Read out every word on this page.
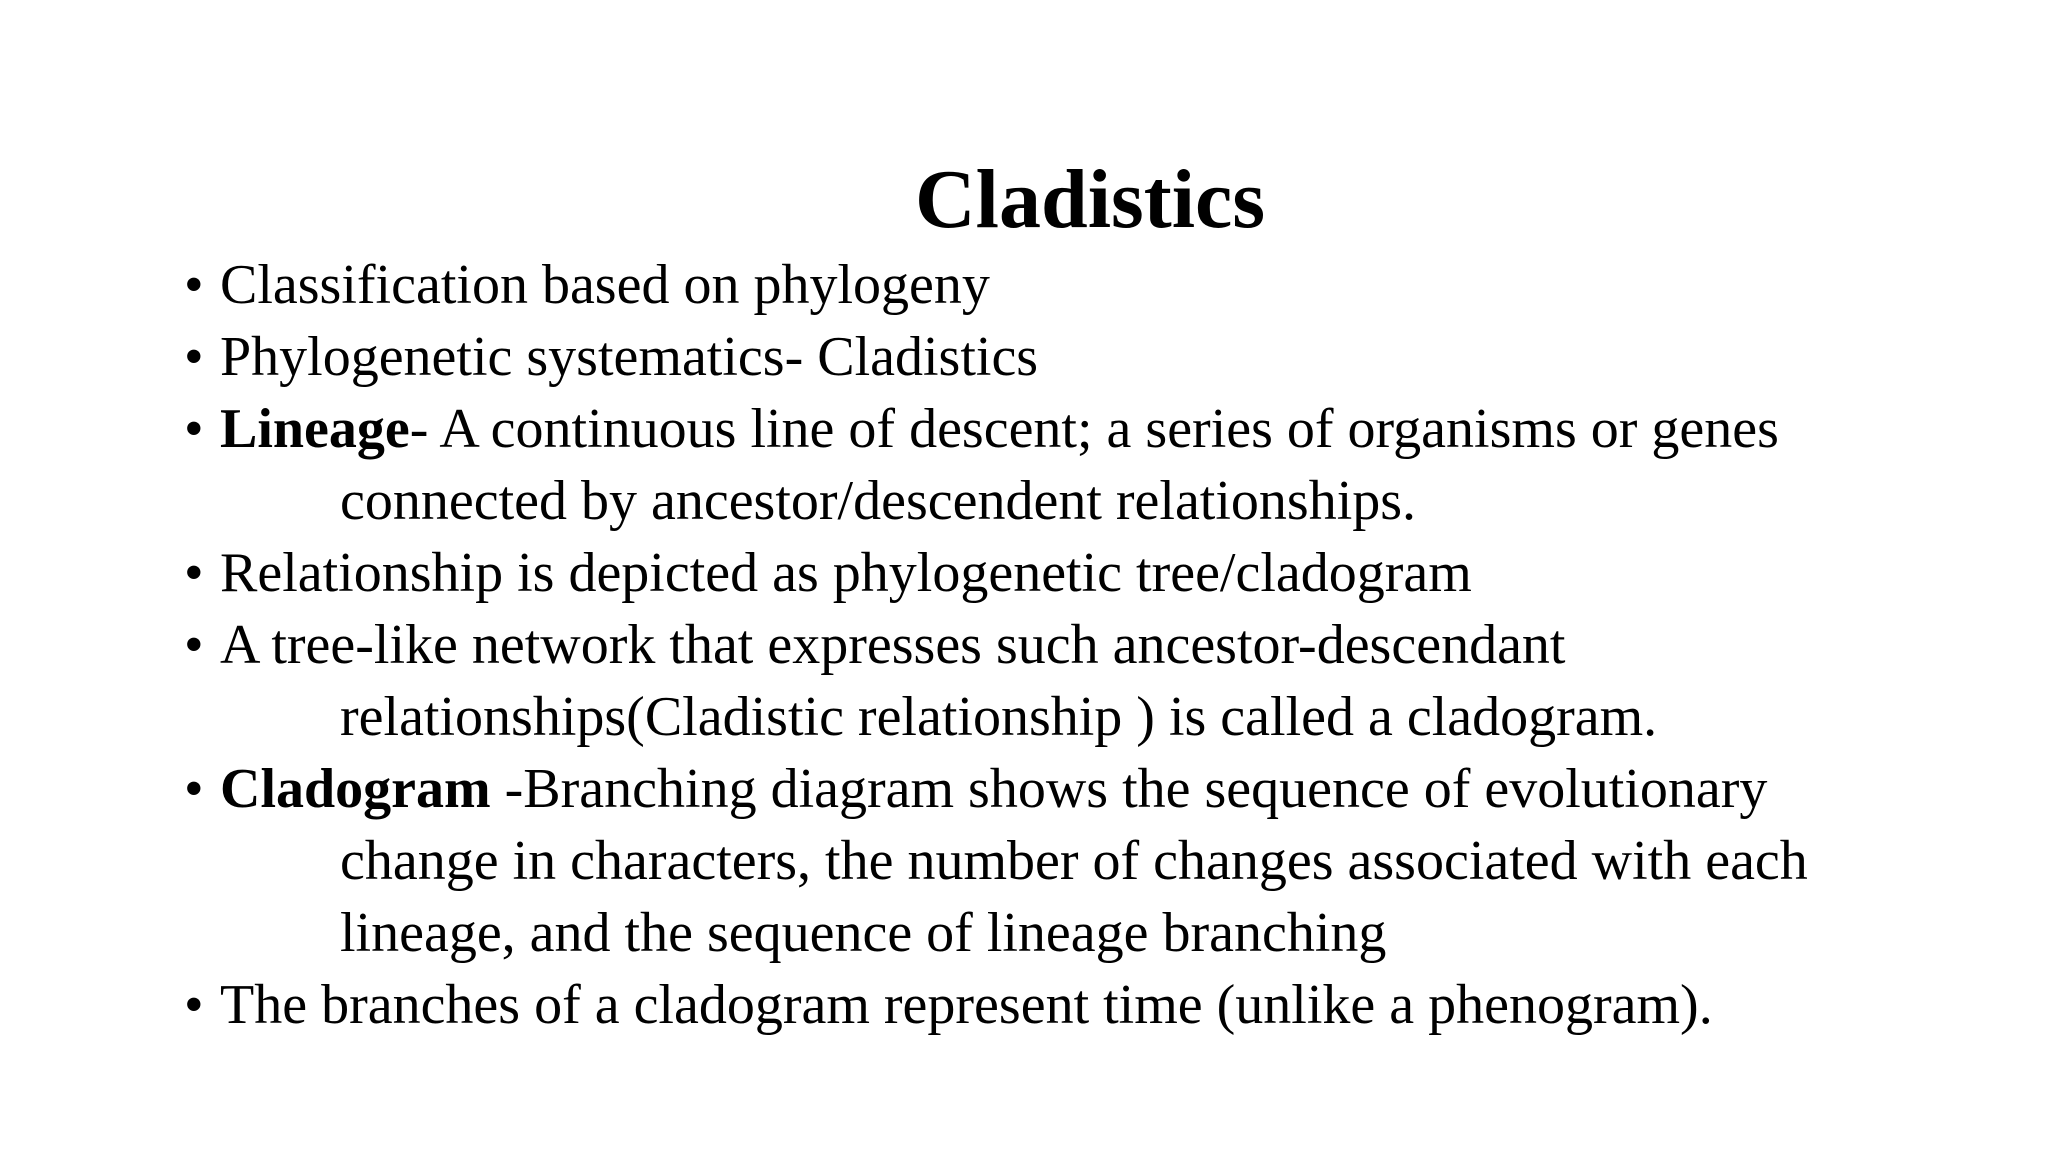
Cladistics
• Classification based on phylogeny
• Phylogenetic systematics- Cladistics
• Lineage- A continuous line of descent; a series of organisms or genes
connected by ancestor/descendent relationships.
• Relationship is depicted as phylogenetic tree/cladogram
• A tree-like network that expresses such ancestor-descendant
relationships(Cladistic relationship ) is called a cladogram.
• Cladogram -Branching diagram shows the sequence of evolutionary
change in characters, the number of changes associated with each
lineage, and the sequence of lineage branching
• The branches of a cladogram represent time (unlike a phenogram).
